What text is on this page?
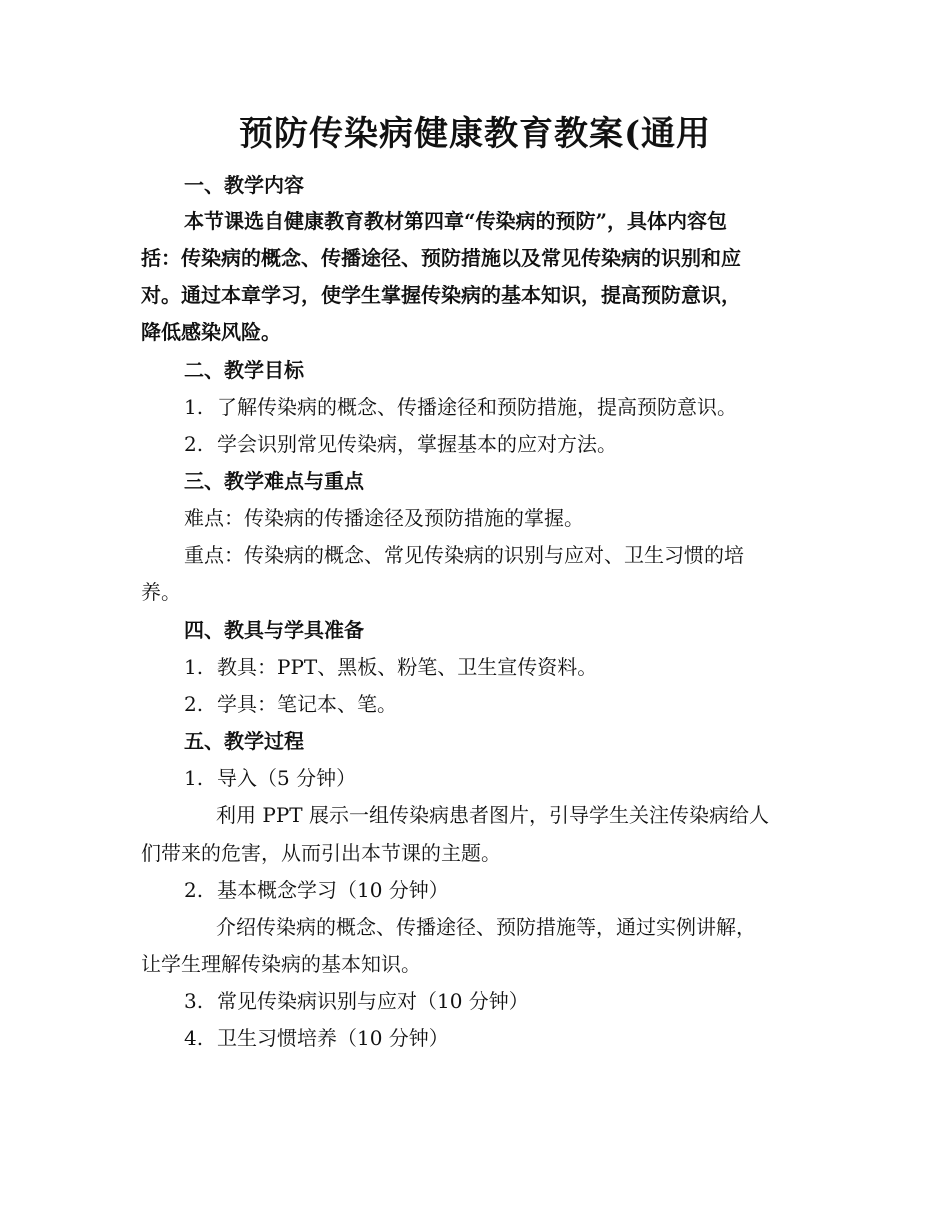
预防传染病健康教育教案(通用
一、教学内容
本节课选自健康教育教材第四章“传染病的预防”，具体内容包
括：传染病的概念、传播途径、预防措施以及常见传染病的识别和应
对。通过本章学习，使学生掌握传染病的基本知识，提高预防意识，
降低感染风险。
二、教学目标
1. 了解传染病的概念、传播途径和预防措施，提高预防意识。
2. 学会识别常见传染病，掌握基本的应对方法。
三、教学难点与重点
难点：传染病的传播途径及预防措施的掌握。
重点：传染病的概念、常见传染病的识别与应对、卫生习惯的培
养。
四、教具与学具准备
1. 教具：PPT、黑板、粉笔、卫生宣传资料。
2. 学具：笔记本、笔。
五、教学过程
1. 导入（5 分钟）
利用 PPT 展示一组传染病患者图片，引导学生关注传染病给人
们带来的危害，从而引出本节课的主题。
2. 基本概念学习（10 分钟）
介绍传染病的概念、传播途径、预防措施等，通过实例讲解，
让学生理解传染病的基本知识。
3. 常见传染病识别与应对（10 分钟）
4. 卫生习惯培养（10 分钟）
